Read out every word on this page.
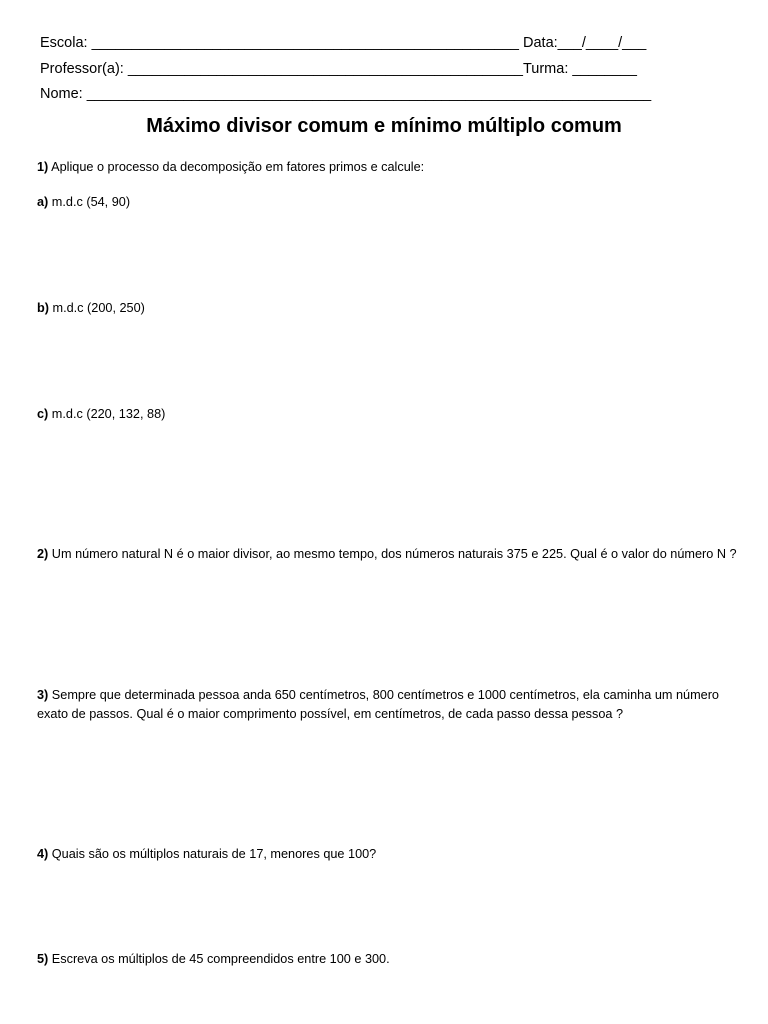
Escola: _____________________________________________________ Data:___/____/___
Professor(a): _________________________________________________Turma: ________
Nome: ______________________________________________________________________
Máximo divisor comum e mínimo múltiplo comum
1) Aplique o processo da decomposição em fatores primos e calcule:
a) m.d.c (54, 90)
b) m.d.c (200, 250)
c) m.d.c (220, 132, 88)
2) Um número natural N é o maior divisor, ao mesmo tempo, dos números naturais 375 e 225. Qual é o valor do número N ?
3) Sempre que determinada pessoa anda 650 centímetros, 800 centímetros e 1000 centímetros, ela caminha um número exato de passos. Qual é o maior comprimento possível, em centímetros, de cada passo dessa pessoa ?
4) Quais são os múltiplos naturais de 17, menores que 100?
5) Escreva os múltiplos de 45 compreendidos entre 100 e 300.
